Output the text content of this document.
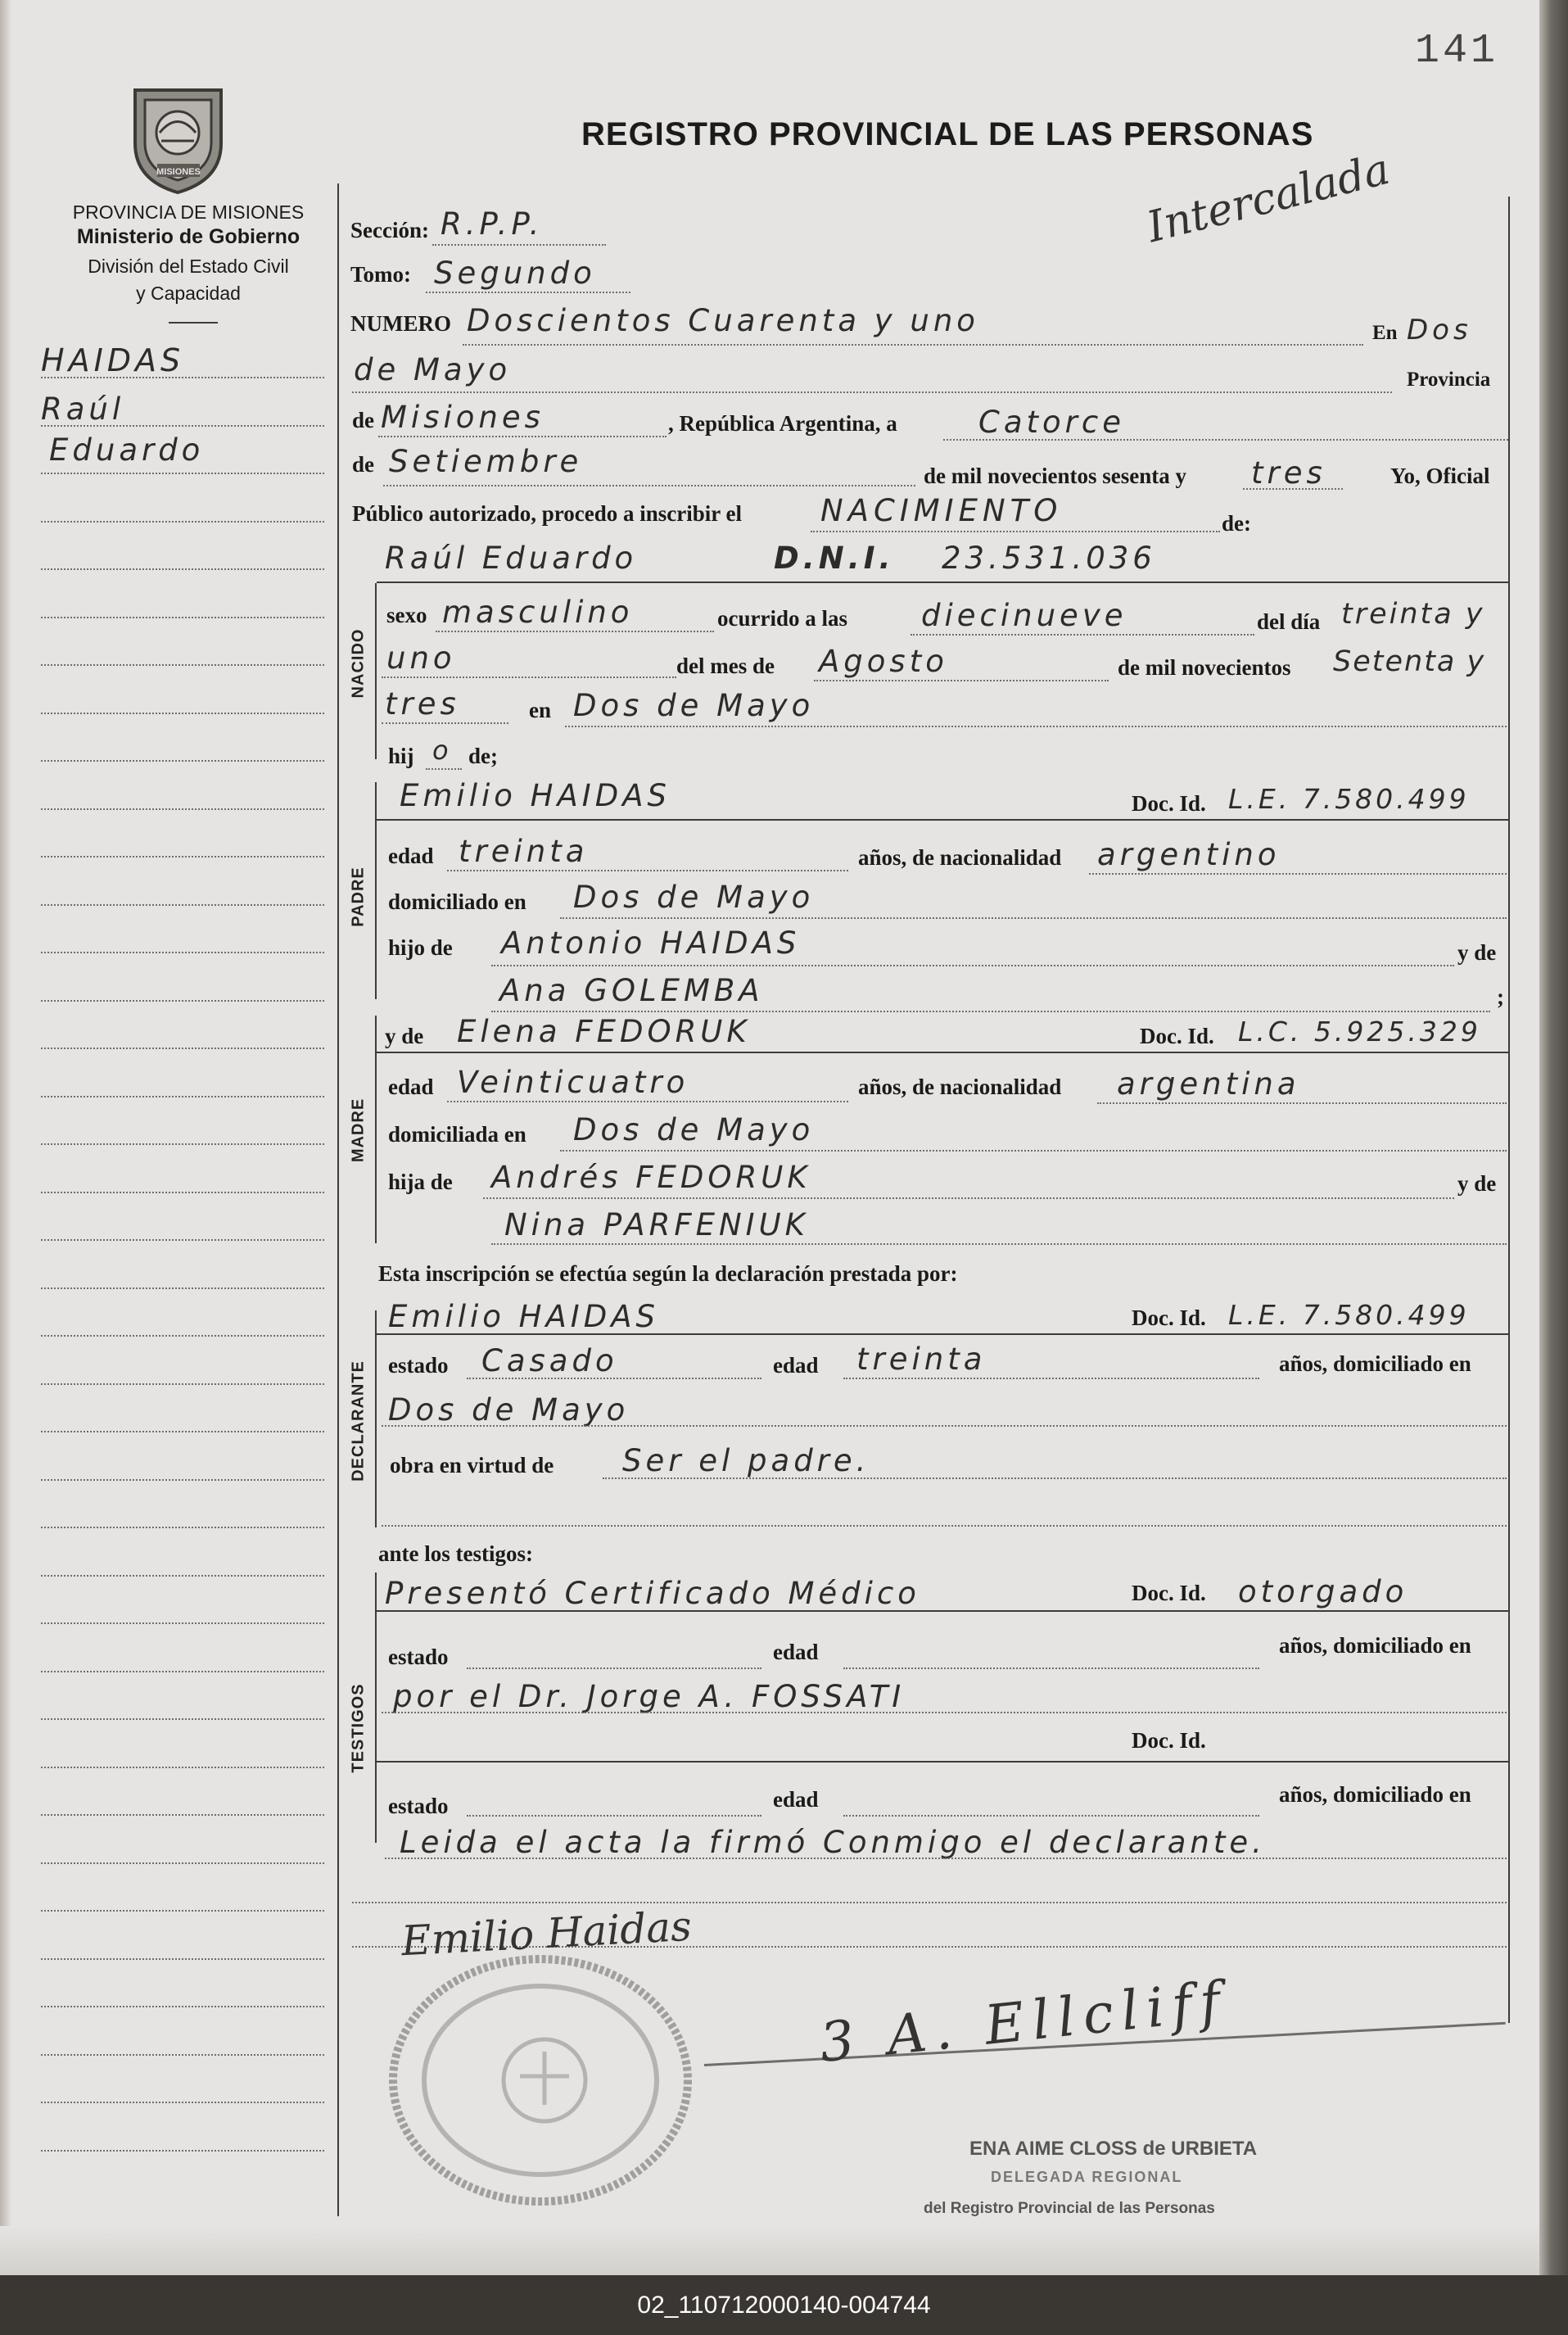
141
REGISTRO PROVINCIAL DE LAS PERSONAS
Intercalada
MISIONES
PROVINCIA DE MISIONES
Ministerio de Gobierno
División del Estado Civil
y Capacidad
HAIDAS
Raúl
Eduardo
NACIDO
PADRE
MADRE
DECLARANTE
TESTIGOS
Sección: R.P.P.
Tomo: Segundo
NUMERO Doscientos Cuarenta y uno	En Dos
de Mayo	Provincia
de Misiones	, República Argentina, a	Catorce
de Setiembre	de mil novecientos sesenta y tres	Yo, Oficial
Público autorizado, procedo a inscribir el	NACIMIENTO	de:
Raúl Eduardo	D.N.I. 23.531.036
sexo masculino	ocurrido a las diecinueve	del día treinta y
uno	del mes de Agosto	de mil novecientos Setenta y
tres	en Dos de Mayo
hij o de;
Emilio HAIDAS	Doc. Id. L.E. 7.580.499
edad treinta	años, de nacionalidad argentino
domiciliado en Dos de Mayo
hijo de Antonio HAIDAS	y de
Ana GOLEMBA	;
y de Elena FEDORUK	Doc. Id. L.C. 5.925.329
edad Veinticuatro	años, de nacionalidad argentina
domiciliada en Dos de Mayo
hija de Andrés FEDORUK	y de
Nina PARFENIUK
Esta inscripción se efectúa según la declaración prestada por:
Emilio HAIDAS	Doc. Id. L.E. 7.580.499
estado Casado	edad treinta	años, domiciliado en
Dos de Mayo
obra en virtud de Ser el padre.
ante los testigos:
Presentó Certificado Médico	Doc. Id. otorgado
estado	edad	años, domiciliado en
por el Dr. Jorge A. FOSSATI
Doc. Id.
estado	edad	años, domiciliado en
Leida el acta la firmó Conmigo el declarante.
Emilio Haidas
3 A. Ellcliff
ENA AIME CLOSS de URBIETA
DELEGADA REGIONAL
del Registro Provincial de las Personas
02_110712000140-004744
